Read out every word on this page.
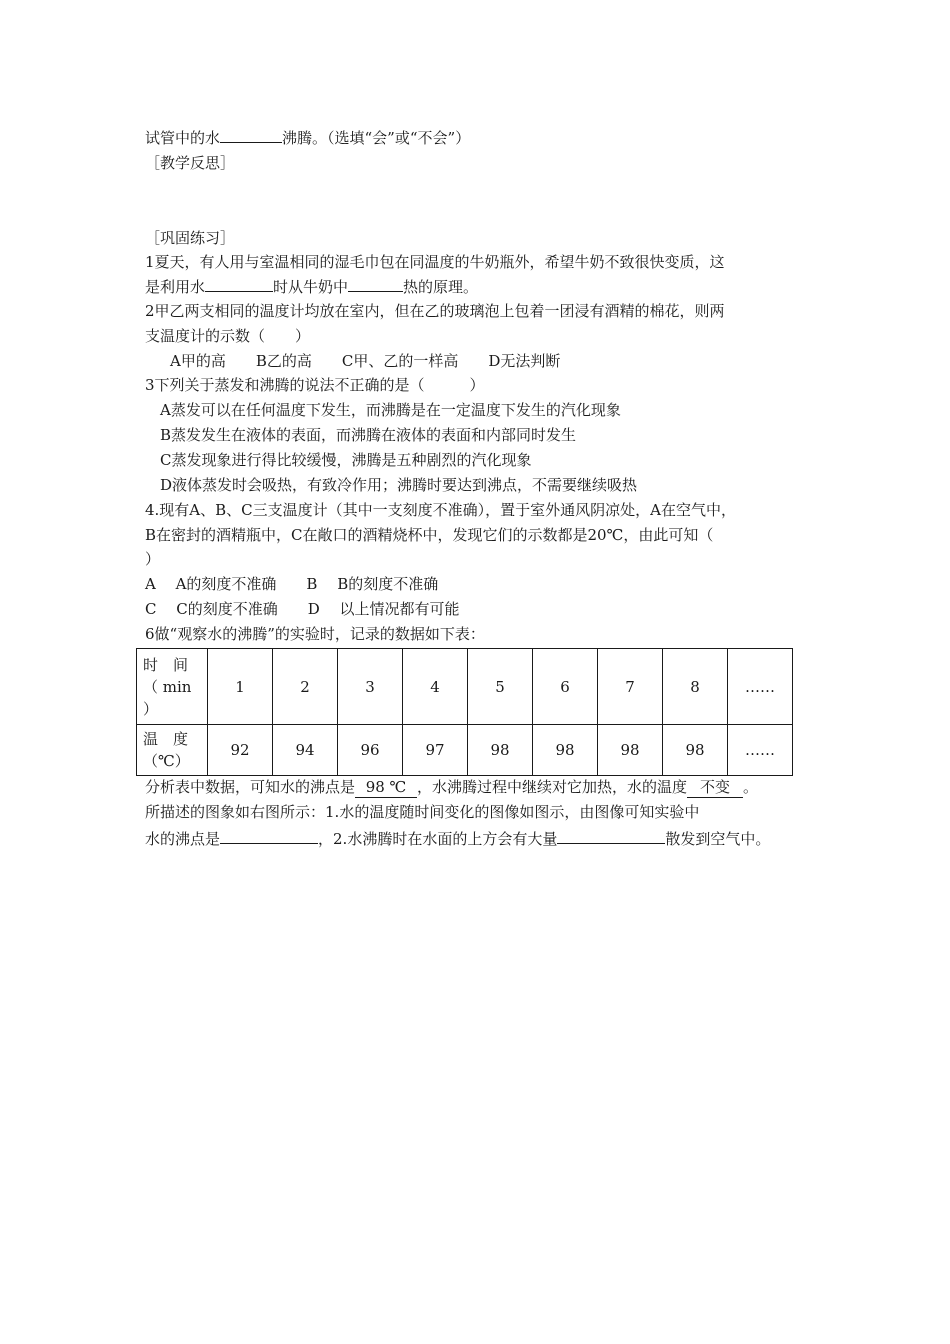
试管中的水	沸腾。（选填“会”或“不会”）
［教学反思］
［巩固练习］
1夏天，有人用与室温相同的湿毛巾包在同温度的牛奶瓶外，希望牛奶不致很快变质，这
是利用水	时从牛奶中	热的原理。
2甲乙两支相同的温度计均放在室内，但在乙的玻璃泡上包着一团浸有酒精的棉花，则两
支温度计的示数（　　）
A甲的高　　B乙的高　　C甲、乙的一样高　　D无法判断
3下列关于蒸发和沸腾的说法不正确的是（　　　）
A蒸发可以在任何温度下发生，而沸腾是在一定温度下发生的汽化现象
B蒸发发生在液体的表面，而沸腾在液体的表面和内部同时发生
C蒸发现象进行得比较缓慢，沸腾是五种剧烈的汽化现象
D液体蒸发时会吸热，有致冷作用；沸腾时要达到沸点，不需要继续吸热
4.现有A、B、C三支温度计（其中一支刻度不准确），置于室外通风阴凉处，A在空气中，
B在密封的酒精瓶中，C在敞口的酒精烧杯中，发现它们的示数都是20℃，由此可知（
）
A　 A的刻度不准确　　B　 B的刻度不准确
C　 C的刻度不准确　　D　 以上情况都有可能
6做“观察水的沸腾”的实验时，记录的数据如下表：
时　间
（ min
）	1	2	3	4	5	6	7	8	……

温　度
（℃）	92	94	96	97	98	98	98	98	……
分析表中数据，可知水的沸点是 98 ℃ ，水沸腾过程中继续对它加热，水的温度 不变 。
所描述的图象如右图所示：1.水的温度随时间变化的图像如图示，由图像可知实验中
水的沸点是	，2.水沸腾时在水面的上方会有大量	散发到空气中。
